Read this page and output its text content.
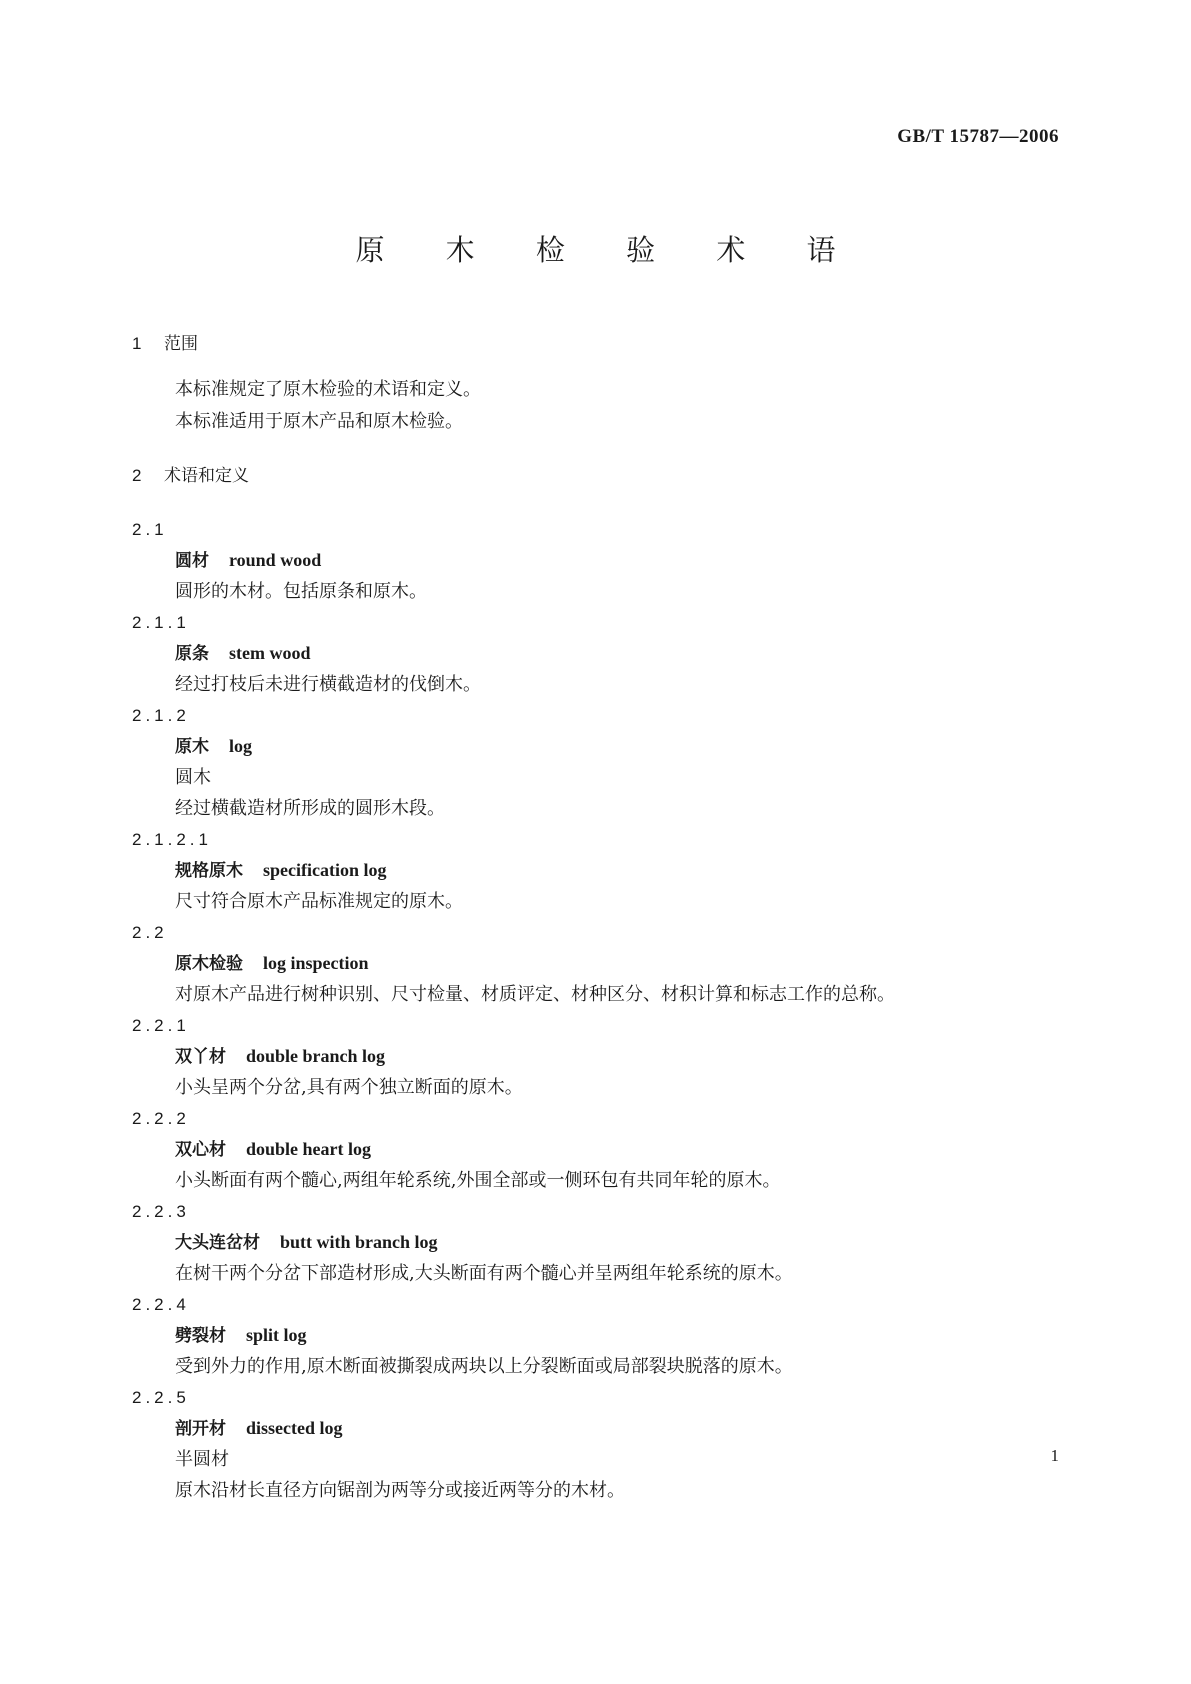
GB/T 15787—2006
原 木 检 验 术 语
1 范围
本标准规定了原木检验的术语和定义。
本标准适用于原木产品和原木检验。
2 术语和定义
2.1
圆材 round wood
圆形的木材。包括原条和原木。
2.1.1
原条 stem wood
经过打枝后未进行横截造材的伐倒木。
2.1.2
原木 log
圆木
经过横截造材所形成的圆形木段。
2.1.2.1
规格原木 specification log
尺寸符合原木产品标准规定的原木。
2.2
原木检验 log inspection
对原木产品进行树种识别、尺寸检量、材质评定、材种区分、材积计算和标志工作的总称。
2.2.1
双丫材 double branch log
小头呈两个分岔,具有两个独立断面的原木。
2.2.2
双心材 double heart log
小头断面有两个髓心,两组年轮系统,外围全部或一侧环包有共同年轮的原木。
2.2.3
大头连岔材 butt with branch log
在树干两个分岔下部造材形成,大头断面有两个髓心并呈两组年轮系统的原木。
2.2.4
劈裂材 split log
受到外力的作用,原木断面被撕裂成两块以上分裂断面或局部裂块脱落的原木。
2.2.5
剖开材 dissected log
半圆材
原木沿材长直径方向锯剖为两等分或接近两等分的木材。
1
